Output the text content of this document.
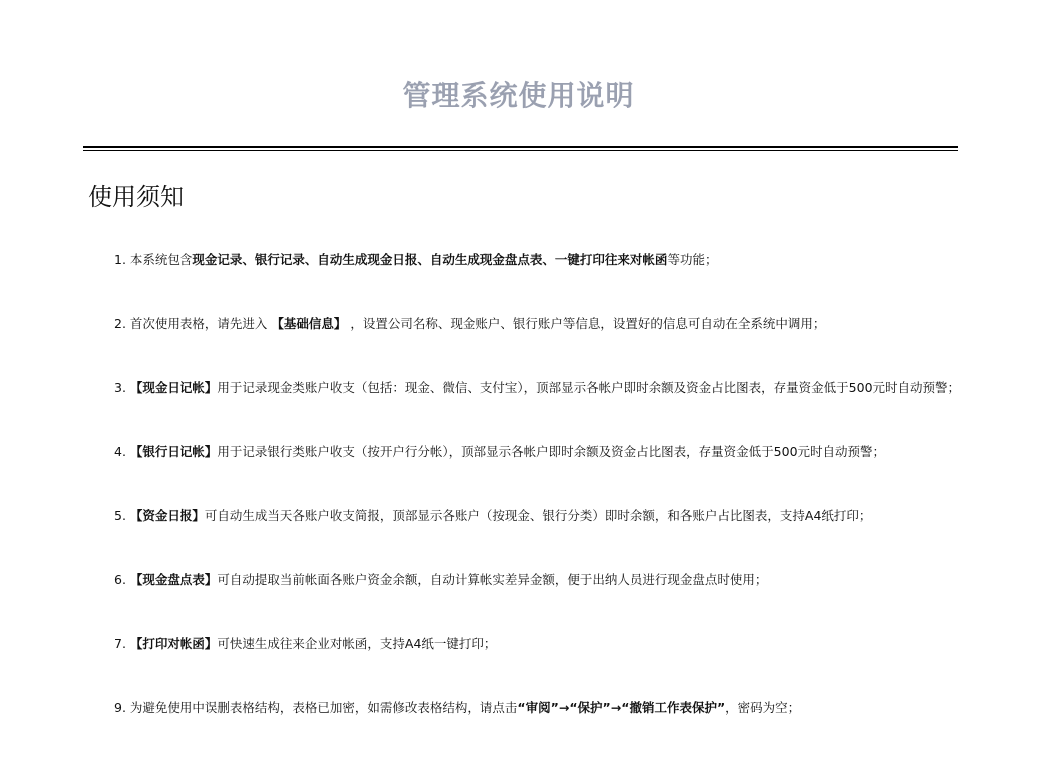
管理系统使用说明
使用须知
1. 本系统包含现金记录、银行记录、自动生成现金日报、自动生成现金盘点表、一键打印往来对帐函等功能；
2. 首次使用表格，请先进入 【基础信息】 ，设置公司名称、现金账户、银行账户等信息，设置好的信息可自动在全系统中调用；
3. 【现金日记帐】用于记录现金类账户收支（包括：现金、微信、支付宝），顶部显示各帐户即时余额及资金占比图表，存量资金低于500元时自动预警；
4. 【银行日记帐】用于记录银行类账户收支（按开户行分帐），顶部显示各帐户即时余额及资金占比图表，存量资金低于500元时自动预警；
5. 【资金日报】可自动生成当天各账户收支简报，顶部显示各账户（按现金、银行分类）即时余额，和各账户占比图表，支持A4纸打印；
6. 【现金盘点表】可自动提取当前帐面各账户资金余额，自动计算帐实差异金额，便于出纳人员进行现金盘点时使用；
7. 【打印对帐函】可快速生成往来企业对帐函，支持A4纸一键打印；
9. 为避免使用中误删表格结构，表格已加密，如需修改表格结构，请点击“审阅”→“保护”→“撤销工作表保护”，密码为空；
